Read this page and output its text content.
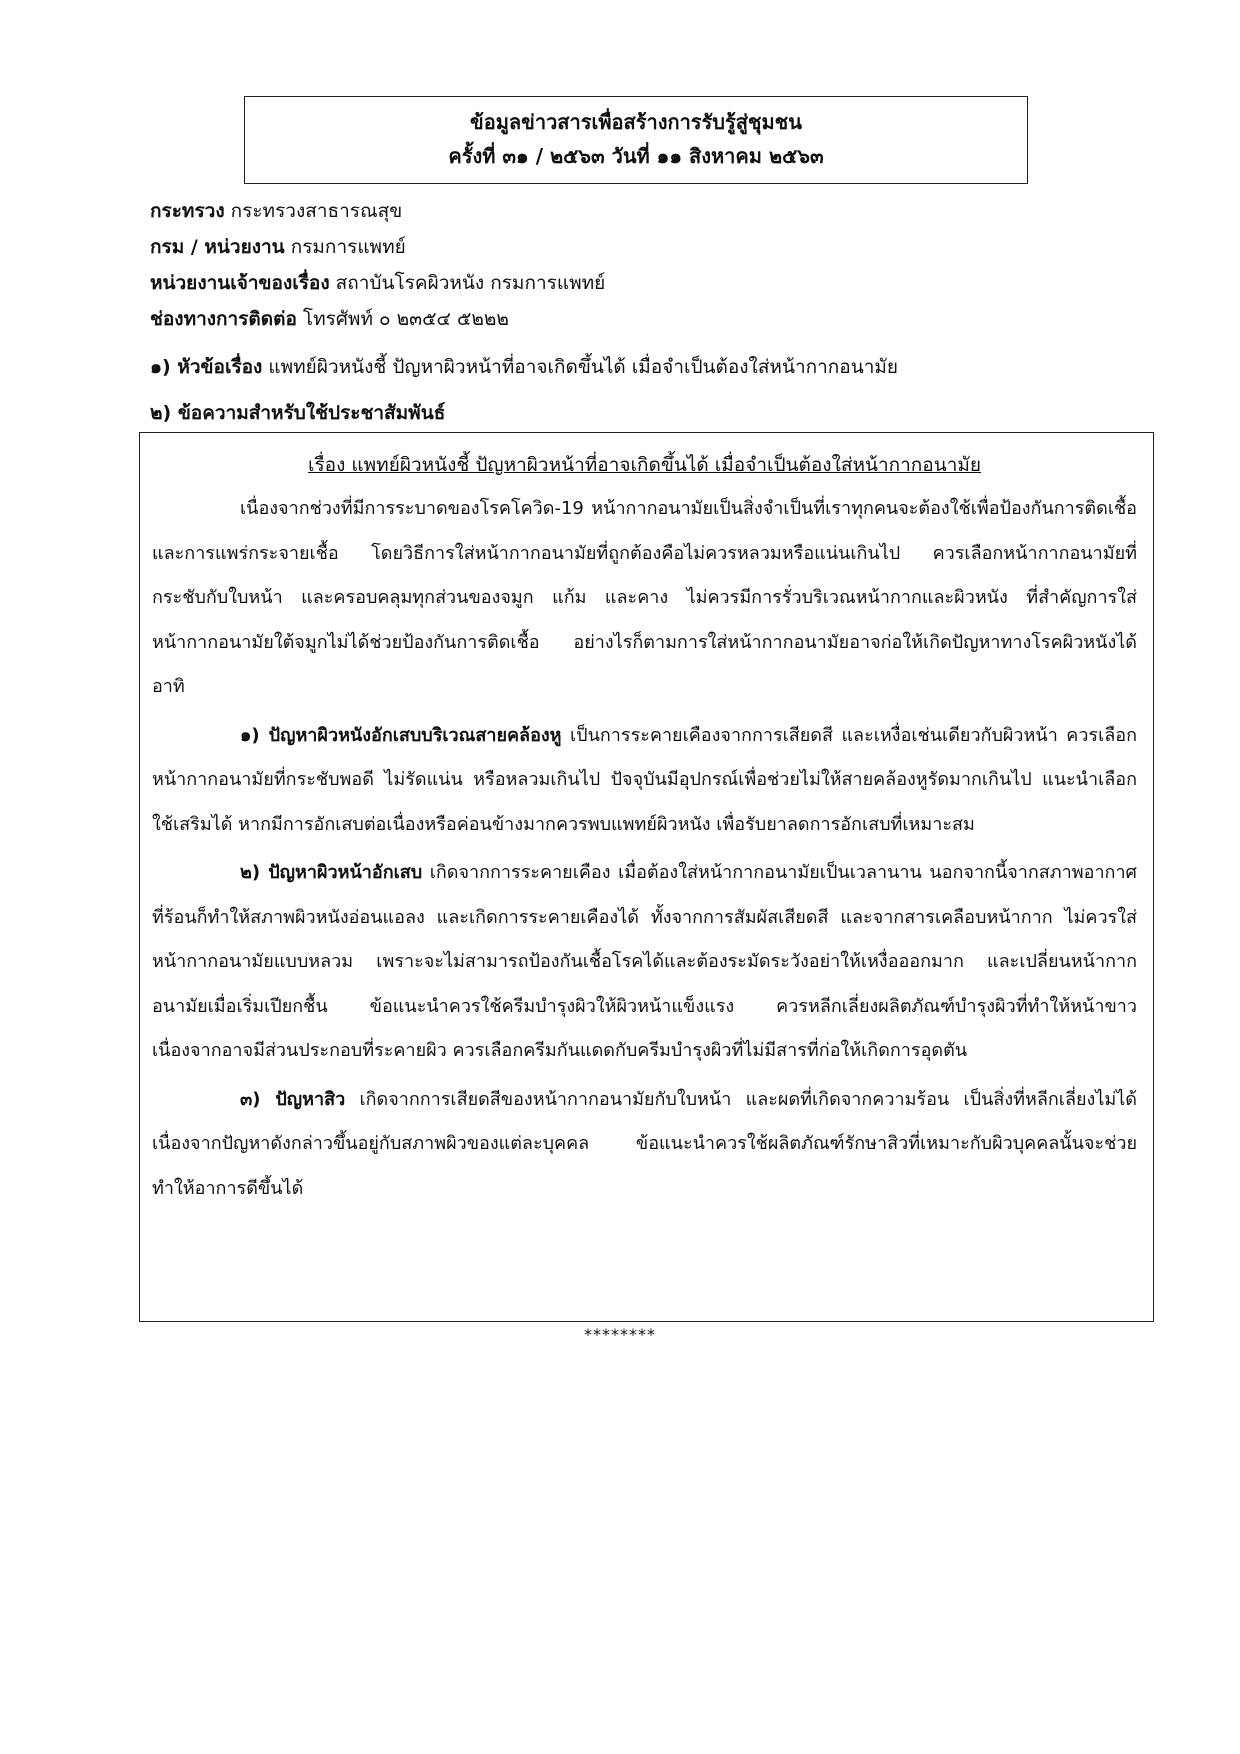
ข้อมูลข่าวสารเพื่อสร้างการรับรู้สู่ชุมชน
ครั้งที่ ๓๑ / ๒๕๖๓ วันที่ ๑๑ สิงหาคม ๒๕๖๓
กระทรวง กระทรวงสาธารณสุข
กรม / หน่วยงาน กรมการแพทย์
หน่วยงานเจ้าของเรื่อง สถาบันโรคผิวหนัง กรมการแพทย์
ช่องทางการติดต่อ โทรศัพท์ ๐ ๒๓๕๔ ๕๒๒๒
๑) หัวข้อเรื่อง แพทย์ผิวหนังชี้ ปัญหาผิวหน้าที่อาจเกิดขึ้นได้ เมื่อจำเป็นต้องใส่หน้ากากอนามัย
๒) ข้อความสำหรับใช้ประชาสัมพันธ์
เรื่อง แพทย์ผิวหนังชี้ ปัญหาผิวหน้าที่อาจเกิดขึ้นได้ เมื่อจำเป็นต้องใส่หน้ากากอนามัย

เนื่องจากช่วงที่มีการระบาดของโรคโควิด-19 หน้ากากอนามัยเป็นสิ่งจำเป็นที่เราทุกคนจะต้องใช้เพื่อป้องกันการติดเชื้อและการแพร่กระจายเชื้อ โดยวิธีการใส่หน้ากากอนามัยที่ถูกต้องคือไม่ควรหลวมหรือแน่นเกินไป ควรเลือกหน้ากากอนามัยที่กระชับกับใบหน้า และครอบคลุมทุกส่วนของจมูก แก้ม และคาง ไม่ควรมีการรั่วบริเวณหน้ากากและผิวหนัง ที่สำคัญการใส่หน้ากากอนามัยใต้จมูกไม่ได้ช่วยป้องกันการติดเชื้อ อย่างไรก็ตามการใส่หน้ากากอนามัยอาจก่อให้เกิดปัญหาทางโรคผิวหนังได้ อาทิ

๑) ปัญหาผิวหนังอักเสบบริเวณสายคล้องหู เป็นการระคายเคืองจากการเสียดสี และเหงื่อเช่นเดียวกับผิวหน้า ควรเลือกหน้ากากอนามัยที่กระชับพอดี ไม่รัดแน่น หรือหลวมเกินไป ปัจจุบันมีอุปกรณ์เพื่อช่วยไม่ให้สายคล้องหูรัดมากเกินไป แนะนำเลือกใช้เสริมได้ หากมีการอักเสบต่อเนื่องหรือค่อนข้างมากควรพบแพทย์ผิวหนัง เพื่อรับยาลดการอักเสบที่เหมาะสม

๒) ปัญหาผิวหน้าอักเสบ เกิดจากการระคายเคือง เมื่อต้องใส่หน้ากากอนามัยเป็นเวลานาน นอกจากนี้จากสภาพอากาศที่ร้อนก็ทำให้สภาพผิวหนังอ่อนแอลง และเกิดการระคายเคืองได้ ทั้งจากการสัมผัสเสียดสี และจากสารเคลือบหน้ากาก ไม่ควรใส่หน้ากากอนามัยแบบหลวม เพราะจะไม่สามารถป้องกันเชื้อโรคได้และต้องระมัดระวังอย่าให้เหงื่อออกมาก และเปลี่ยนหน้ากากอนามัยเมื่อเริ่มเปียกชื้น ข้อแนะนำควรใช้ครีมบำรุงผิวให้ผิวหน้าแข็งแรง ควรหลีกเลี่ยงผลิตภัณฑ์บำรุงผิวที่ทำให้หน้าขาว เนื่องจากอาจมีส่วนประกอบที่ระคายผิว ควรเลือกครีมกันแดดกับครีมบำรุงผิวที่ไม่มีสารที่ก่อให้เกิดการอุดตัน

๓) ปัญหาสิว เกิดจากการเสียดสีของหน้ากากอนามัยกับใบหน้า และผดที่เกิดจากความร้อน เป็นสิ่งที่หลีกเลี่ยงไม่ได้ เนื่องจากปัญหาดังกล่าวขึ้นอยู่กับสภาพผิวของแต่ละบุคคล ข้อแนะนำควรใช้ผลิตภัณฑ์รักษาสิวที่เหมาะกับผิวบุคคลนั้นจะช่วยทำให้อาการดีขึ้นได้

********
